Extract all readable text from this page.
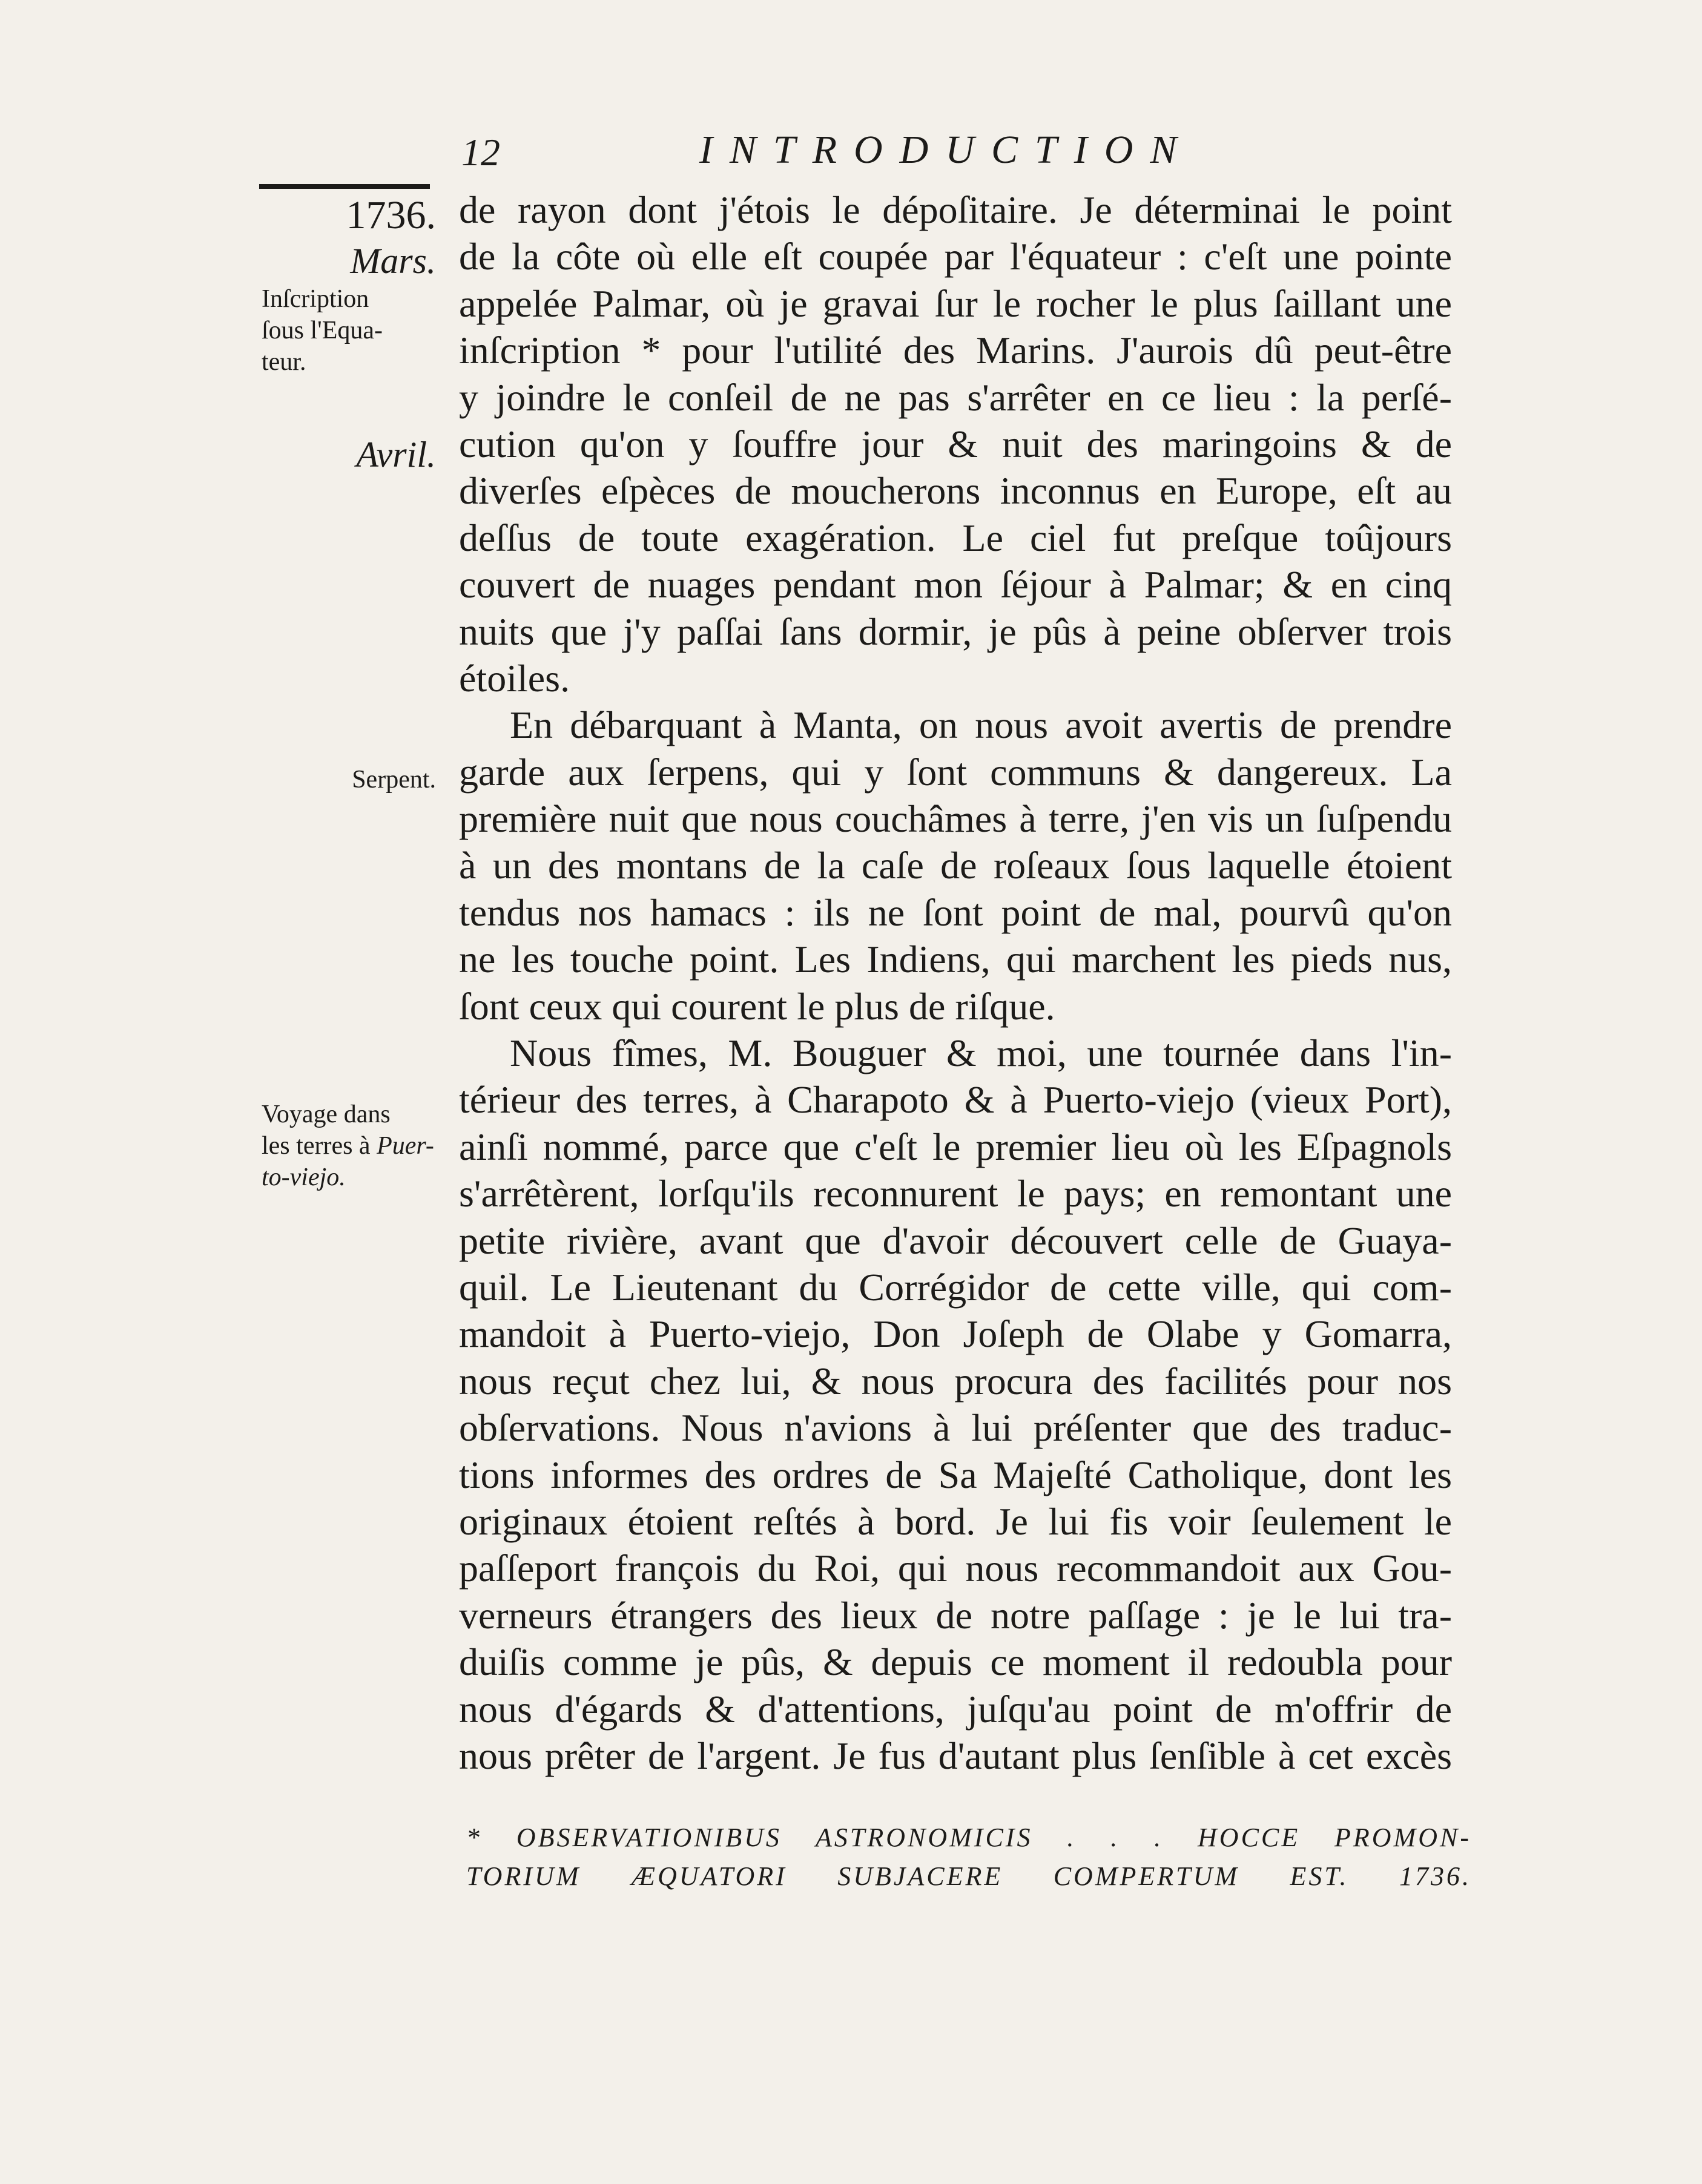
12	INTRODUCTION
1736.
Mars.
Inſcription
ſous l'Equa-
teur.
Avril.
Serpent.
Voyage dans
les terres à Puer-
to-viejo.
de rayon dont j'étois le dépoſitaire. Je déterminai le point
de la côte où elle eſt coupée par l'équateur : c'eſt une pointe
appelée Palmar, où je gravai ſur le rocher le plus ſaillant une
inſcription * pour l'utilité des Marins. J'aurois dû peut-être
y joindre le conſeil de ne pas s'arrêter en ce lieu : la perſé-
cution qu'on y ſouffre jour & nuit des maringoins & de
diverſes eſpèces de moucherons inconnus en Europe, eſt au
deſſus de toute exagération. Le ciel fut preſque toûjours
couvert de nuages pendant mon ſéjour à Palmar; & en cinq
nuits que j'y paſſai ſans dormir, je pûs à peine obſerver trois
étoiles.
En débarquant à Manta, on nous avoit avertis de prendre
garde aux ſerpens, qui y ſont communs & dangereux. La
première nuit que nous couchâmes à terre, j'en vis un ſuſpendu
à un des montans de la caſe de roſeaux ſous laquelle étoient
tendus nos hamacs : ils ne ſont point de mal, pourvû qu'on
ne les touche point. Les Indiens, qui marchent les pieds nus,
ſont ceux qui courent le plus de riſque.
Nous fîmes, M. Bouguer & moi, une tournée dans l'in-
térieur des terres, à Charapoto & à Puerto-viejo (vieux Port),
ainſi nommé, parce que c'eſt le premier lieu où les Eſpagnols
s'arrêtèrent, lorſqu'ils reconnurent le pays; en remontant une
petite rivière, avant que d'avoir découvert celle de Guaya-
quil. Le Lieutenant du Corrégidor de cette ville, qui com-
mandoit à Puerto-viejo, Don Joſeph de Olabe y Gomarra,
nous reçut chez lui, & nous procura des facilités pour nos
obſervations. Nous n'avions à lui préſenter que des traduc-
tions informes des ordres de Sa Majeſté Catholique, dont les
originaux étoient reſtés à bord. Je lui fis voir ſeulement le
paſſeport françois du Roi, qui nous recommandoit aux Gou-
verneurs étrangers des lieux de notre paſſage : je le lui tra-
duiſis comme je pûs, & depuis ce moment il redoubla pour
nous d'égards & d'attentions, juſqu'au point de m'offrir de
nous prêter de l'argent. Je fus d'autant plus ſenſible à cet excès
* OBSERVATIONIBUS ASTRONOMICIS . . . HOCCE PROMON-
TORIUM ÆQUATORI SUBJACERE COMPERTUM EST. 1736.
